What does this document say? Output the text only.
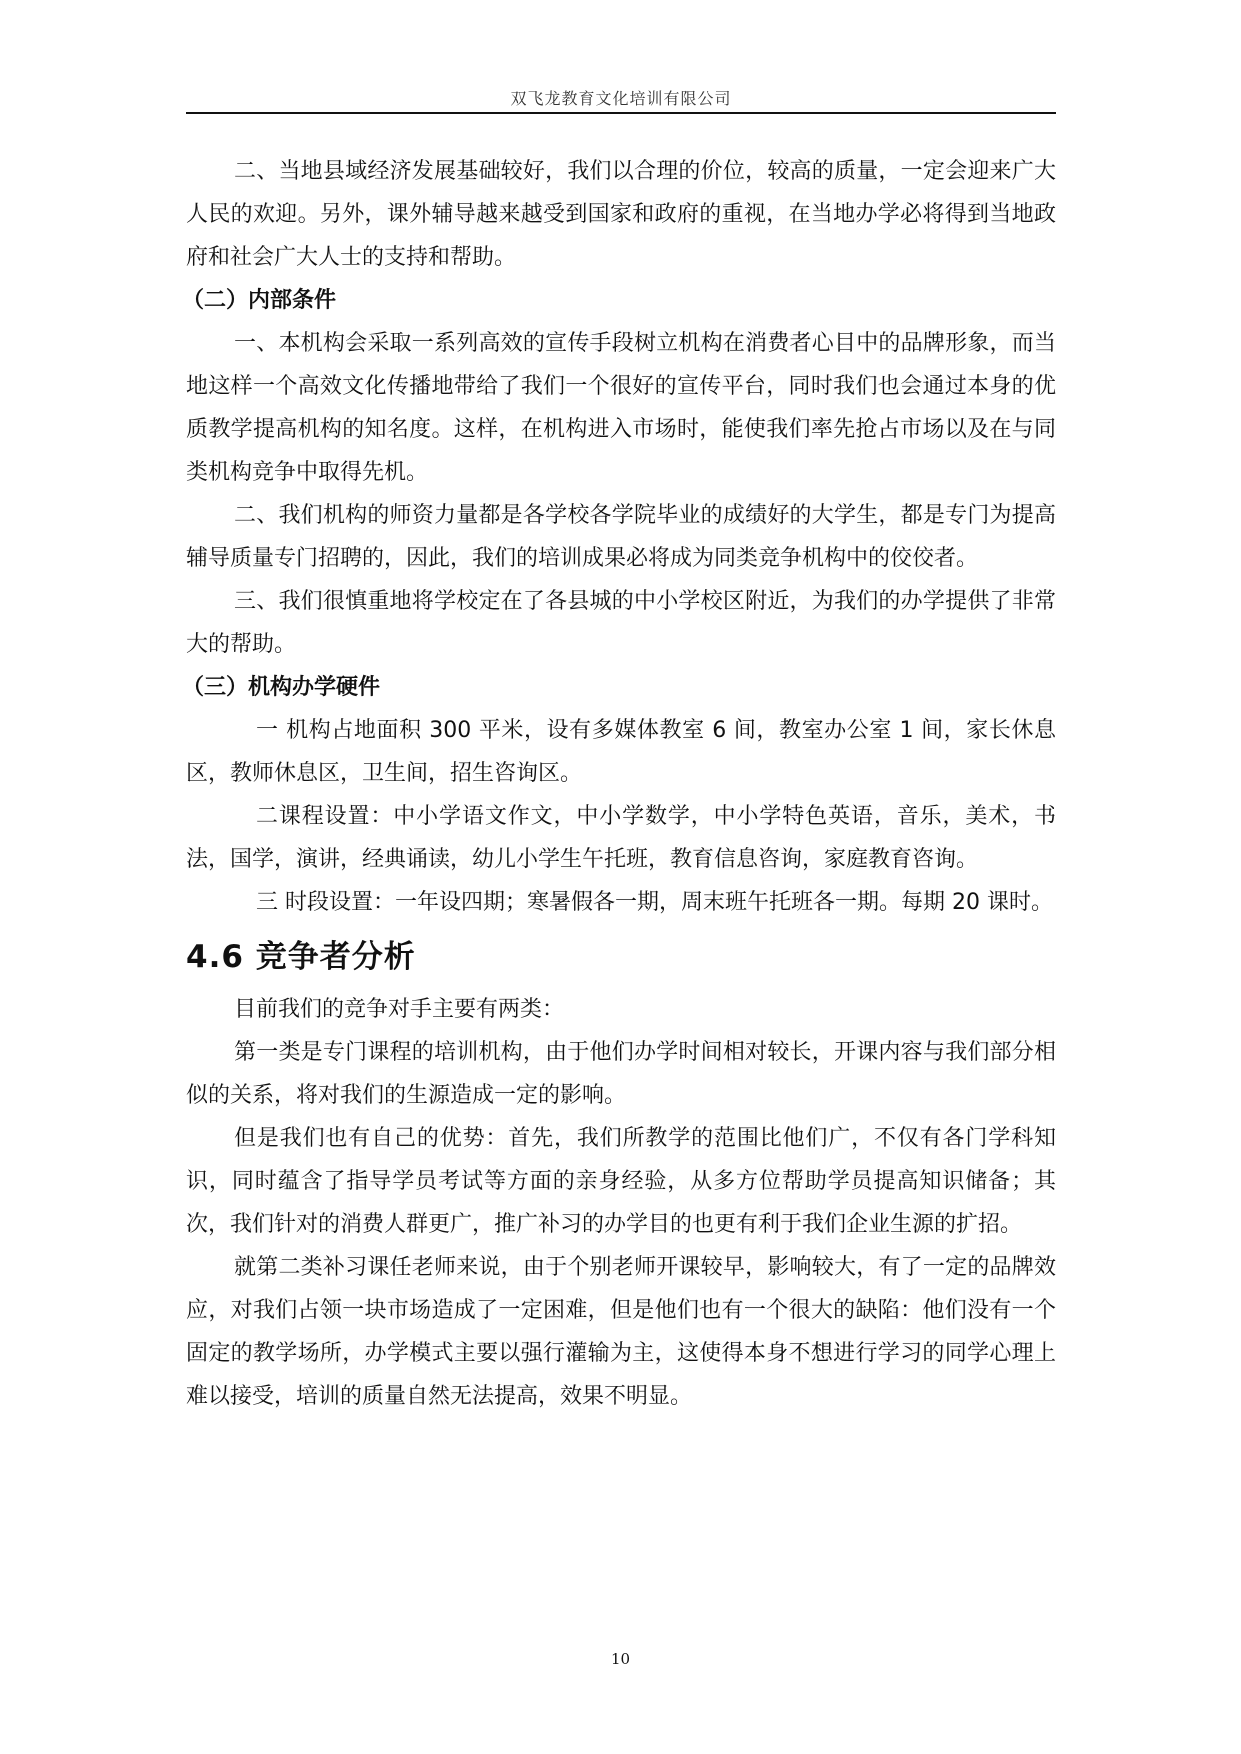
双飞龙教育文化培训有限公司

二、当地县域经济发展基础较好，我们以合理的价位，较高的质量，一定会迎来广大人民的欢迎。另外，课外辅导越来越受到国家和政府的重视，在当地办学必将得到当地政府和社会广大人士的支持和帮助。

（二）内部条件

一、本机构会采取一系列高效的宣传手段树立机构在消费者心目中的品牌形象，而当地这样一个高效文化传播地带给了我们一个很好的宣传平台，同时我们也会通过本身的优质教学提高机构的知名度。这样，在机构进入市场时，能使我们率先抢占市场以及在与同类机构竞争中取得先机。

二、我们机构的师资力量都是各学校各学院毕业的成绩好的大学生，都是专门为提高辅导质量专门招聘的，因此，我们的培训成果必将成为同类竞争机构中的佼佼者。

三、我们很慎重地将学校定在了各县城的中小学校区附近，为我们的办学提供了非常大的帮助。

（三）机构办学硬件

一 机构占地面积 300 平米，设有多媒体教室 6 间，教室办公室 1 间，家长休息区，教师休息区，卫生间，招生咨询区。

二课程设置：中小学语文作文，中小学数学，中小学特色英语，音乐，美术，书法，国学，演讲，经典诵读，幼儿小学生午托班，教育信息咨询，家庭教育咨询。

三 时段设置：一年设四期；寒暑假各一期，周末班午托班各一期。每期 20 课时。

4.6 竞争者分析

目前我们的竞争对手主要有两类：

第一类是专门课程的培训机构，由于他们办学时间相对较长，开课内容与我们部分相似的关系，将对我们的生源造成一定的影响。

但是我们也有自己的优势：首先，我们所教学的范围比他们广，不仅有各门学科知识，同时蕴含了指导学员考试等方面的亲身经验，从多方位帮助学员提高知识储备；其次，我们针对的消费人群更广，推广补习的办学目的也更有利于我们企业生源的扩招。

就第二类补习课任老师来说，由于个别老师开课较早，影响较大，有了一定的品牌效应，对我们占领一块市场造成了一定困难，但是他们也有一个很大的缺陷：他们没有一个固定的教学场所，办学模式主要以强行灌输为主，这使得本身不想进行学习的同学心理上难以接受，培训的质量自然无法提高，效果不明显。

10
